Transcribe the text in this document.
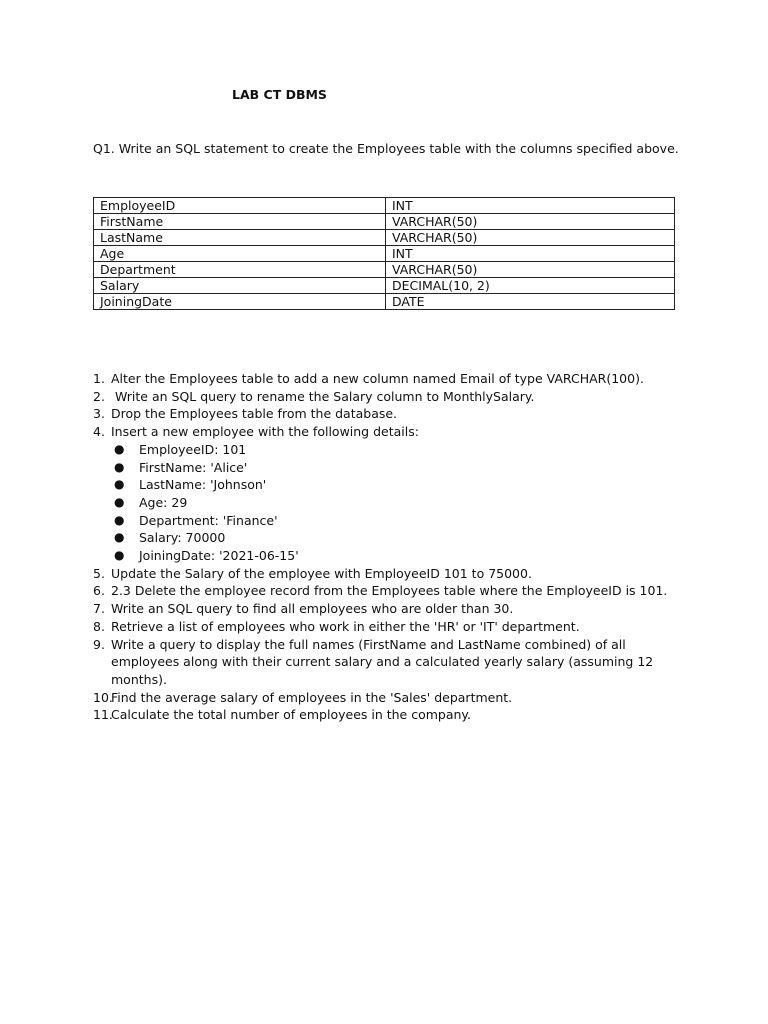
LAB CT DBMS
Q1. Write an SQL statement to create the Employees table with the columns specified above.
EmployeeID	INT
FirstName	VARCHAR(50)
LastName	VARCHAR(50)
Age	INT
Department	VARCHAR(50)
Salary	DECIMAL(10, 2)
JoiningDate	DATE
1. Alter the Employees table to add a new column named Email of type VARCHAR(100).
2. Write an SQL query to rename the Salary column to MonthlySalary.
3. Drop the Employees table from the database.
4. Insert a new employee with the following details:
● EmployeeID: 101
● FirstName: 'Alice'
● LastName: 'Johnson'
● Age: 29
● Department: 'Finance'
● Salary: 70000
● JoiningDate: '2021-06-15'
5. Update the Salary of the employee with EmployeeID 101 to 75000.
6. 2.3 Delete the employee record from the Employees table where the EmployeeID is 101.
7. Write an SQL query to find all employees who are older than 30.
8. Retrieve a list of employees who work in either the 'HR' or 'IT' department.
9. Write a query to display the full names (FirstName and LastName combined) of all employees along with their current salary and a calculated yearly salary (assuming 12 months).
10.
Find the average salary of employees in the 'Sales' department.
11.
Calculate the total number of employees in the company.
